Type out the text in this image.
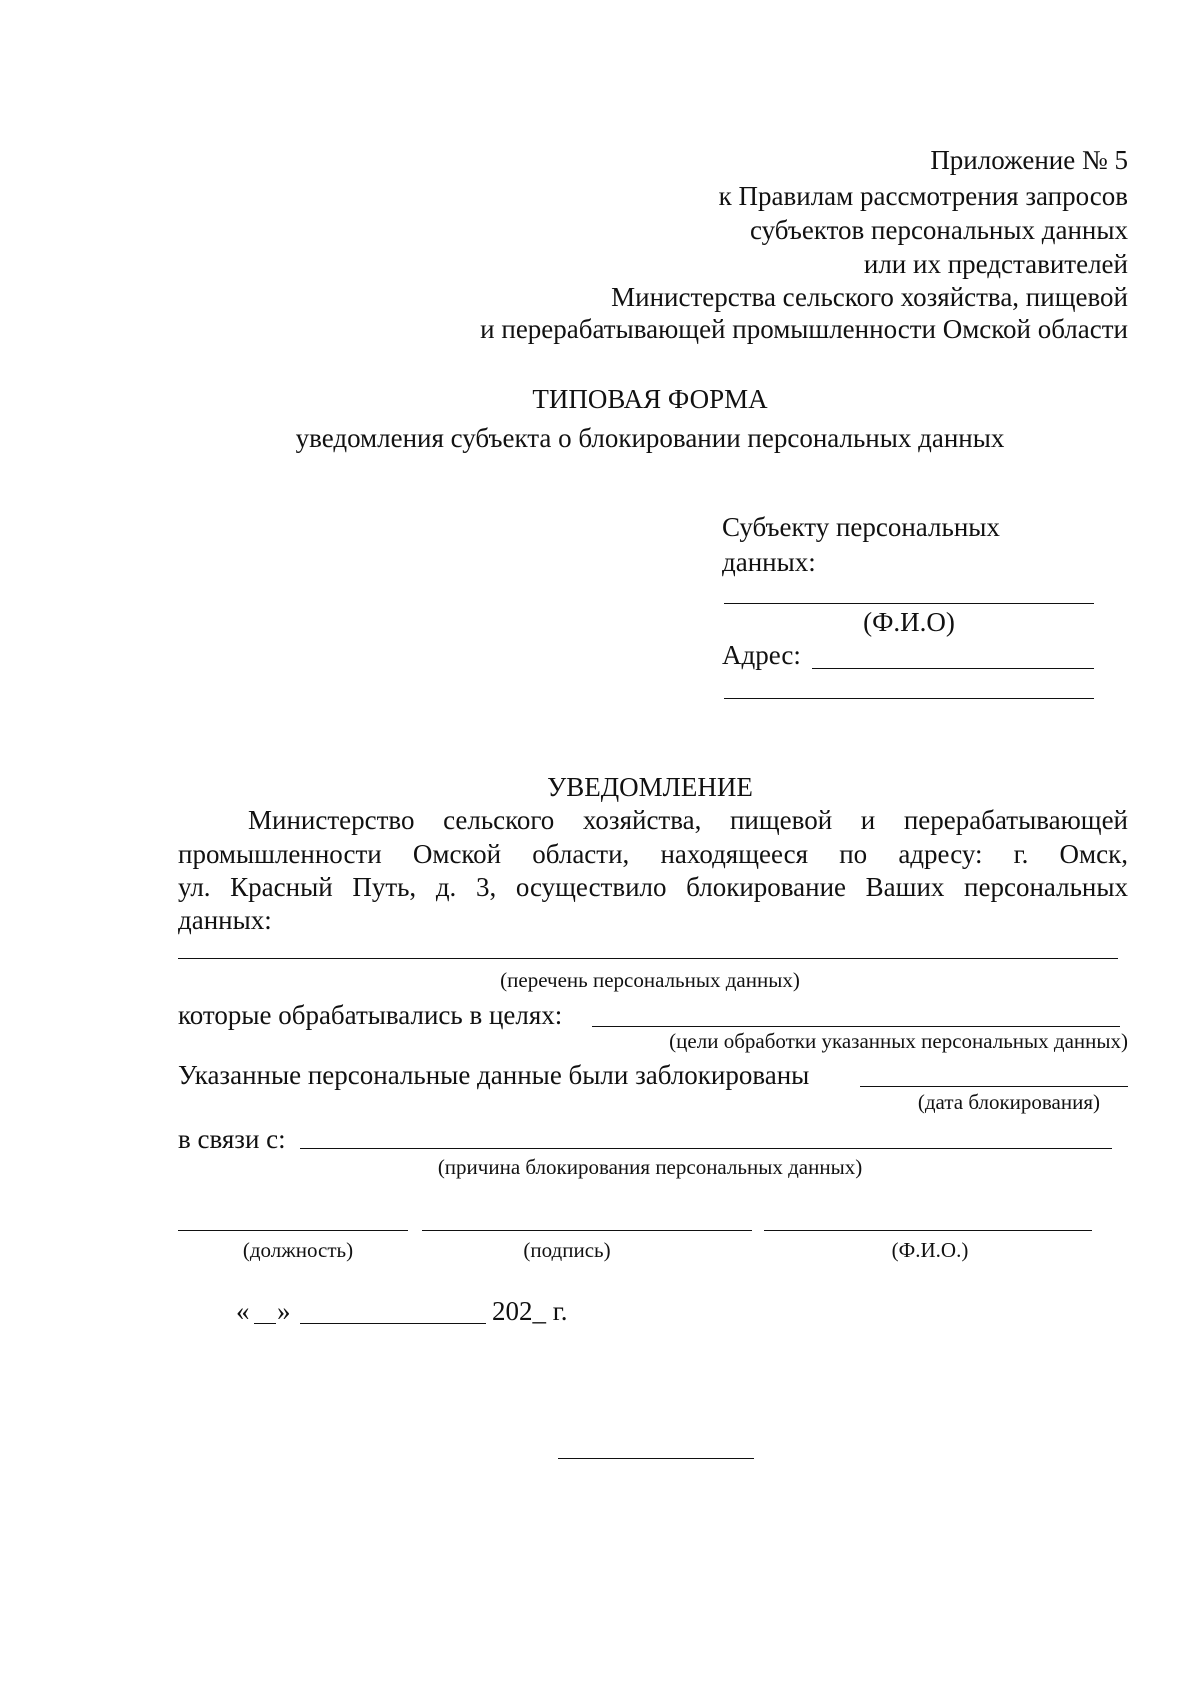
Приложение № 5
к Правилам рассмотрения запросов
субъектов персональных данных
или их представителей
Министерства сельского хозяйства, пищевой
и перерабатывающей промышленности Омской области
ТИПОВАЯ ФОРМА
уведомления субъекта о блокировании персональных данных
Субъекту персональных
данных:
(Ф.И.О)
Адрес:
УВЕДОМЛЕНИЕ
Министерство сельского хозяйства, пищевой и перерабатывающей
промышленности Омской области, находящееся по адресу: г. Омск,
ул. Красный Путь, д. 3, осуществило блокирование Ваших персональных
данных:
(перечень персональных данных)
которые обрабатывались в целях:
(цели обработки указанных персональных данных)
Указанные персональные данные были заблокированы
(дата блокирования)
в связи с:
(причина блокирования персональных данных)
(должность)	(подпись)	(Ф.И.О.)
« »	202_ г.
